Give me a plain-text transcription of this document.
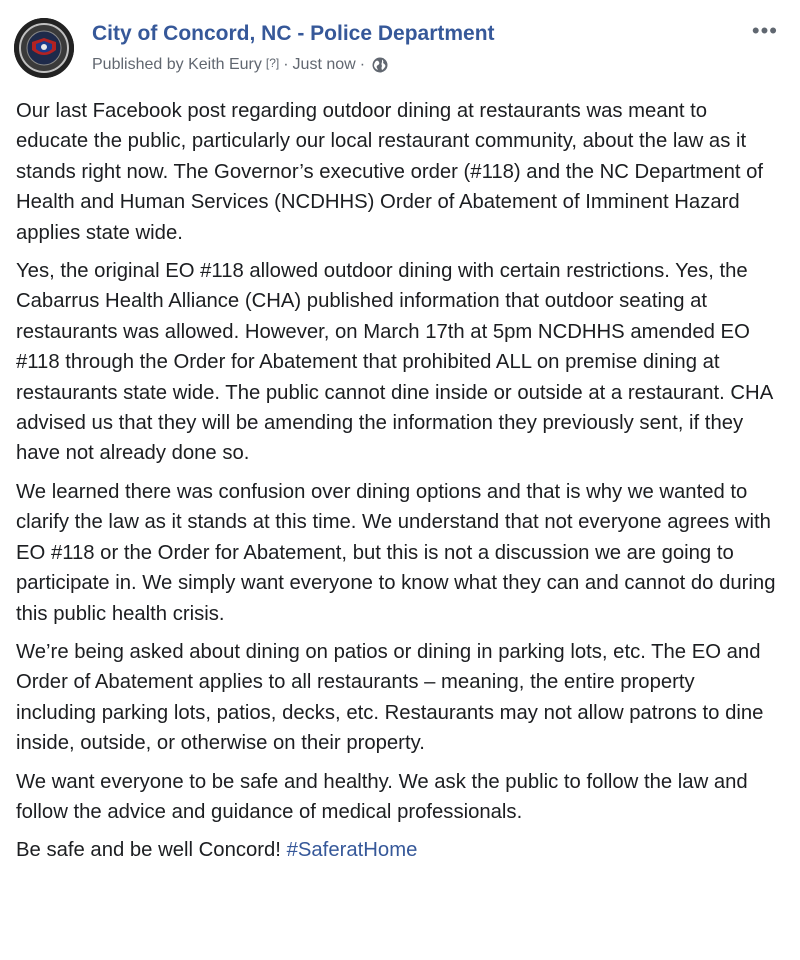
City of Concord, NC - Police Department
Published by Keith Eury [?] · Just now ·
•••

Our last Facebook post regarding outdoor dining at restaurants was meant to educate the public, particularly our local restaurant community, about the law as it stands right now. The Governor’s executive order (#118) and the NC Department of Health and Human Services (NCDHHS) Order of Abatement of Imminent Hazard applies state wide.

Yes, the original EO #118 allowed outdoor dining with certain restrictions. Yes, the Cabarrus Health Alliance (CHA) published information that outdoor seating at restaurants was allowed. However, on March 17th at 5pm NCDHHS amended EO #118 through the Order for Abatement that prohibited ALL on premise dining at restaurants state wide. The public cannot dine inside or outside at a restaurant. CHA advised us that they will be amending the information they previously sent, if they have not already done so.

We learned there was confusion over dining options and that is why we wanted to clarify the law as it stands at this time. We understand that not everyone agrees with EO #118 or the Order for Abatement, but this is not a discussion we are going to participate in. We simply want everyone to know what they can and cannot do during this public health crisis.

We’re being asked about dining on patios or dining in parking lots, etc. The EO and Order of Abatement applies to all restaurants – meaning, the entire property including parking lots, patios, decks, etc. Restaurants may not allow patrons to dine inside, outside, or otherwise on their property.

We want everyone to be safe and healthy. We ask the public to follow the law and follow the advice and guidance of medical professionals.

Be safe and be well Concord! #SaferatHome
